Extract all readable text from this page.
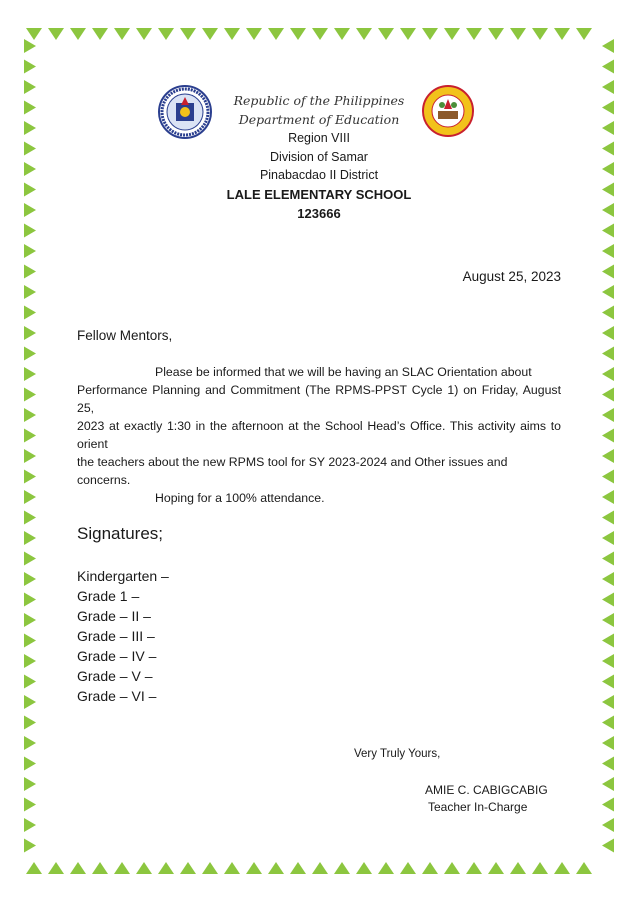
Republic of the Philippines
Department of Education
Region VIII
Division of Samar
Pinabacdao II District
LALE ELEMENTARY SCHOOL
123666
August 25, 2023
Fellow Mentors,
Please be informed that we will be having an SLAC Orientation about
Performance Planning and Commitment (The RPMS-PPST Cycle 1) on Friday, August 25,
2023 at exactly 1:30 in the afternoon at the School Head’s Office. This activity aims to orient
the teachers about the new RPMS tool for SY 2023-2024 and Other issues and concerns.
Hoping for a 100% attendance.
Signatures;
Kindergarten –
Grade 1 –
Grade – II –
Grade – III –
Grade – IV –
Grade – V –
Grade – VI –
Very Truly Yours,
AMIE C. CABIGCABIG
Teacher In-Charge
